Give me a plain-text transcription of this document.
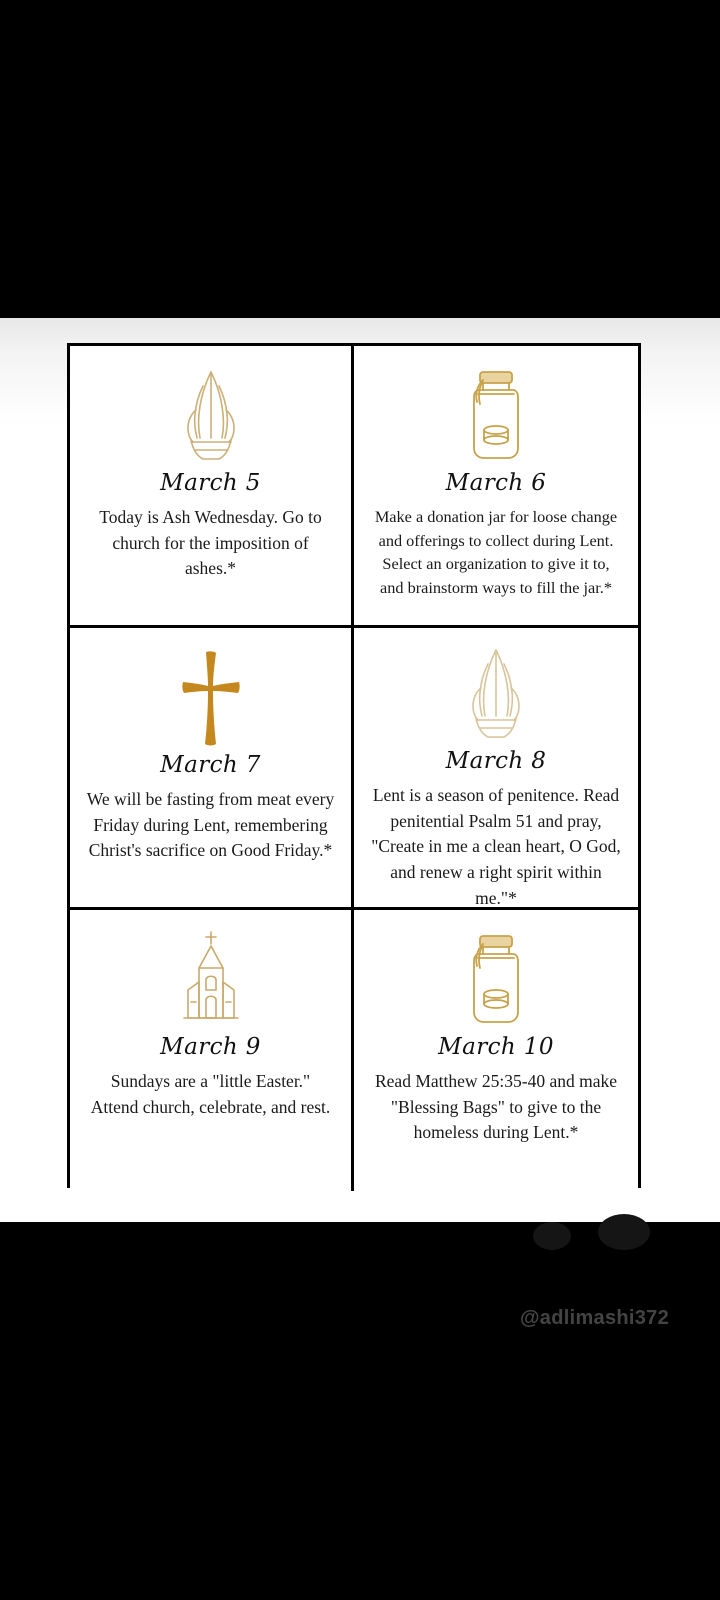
March 5
Today is Ash Wednesday. Go to church for the imposition of ashes.*
March 6
Make a donation jar for loose change and offerings to collect during Lent. Select an organization to give it to, and brainstorm ways to fill the jar.*
March 7
We will be fasting from meat every Friday during Lent, remembering Christ's sacrifice on Good Friday.*
March 8
Lent is a season of penitence. Read penitential Psalm 51 and pray, "Create in me a clean heart, O God, and renew a right spirit within me."*
March 9
Sundays are a "little Easter." Attend church, celebrate, and rest.
March 10
Read Matthew 25:35-40 and make "Blessing Bags" to give to the homeless during Lent.*
@adlimashi372
